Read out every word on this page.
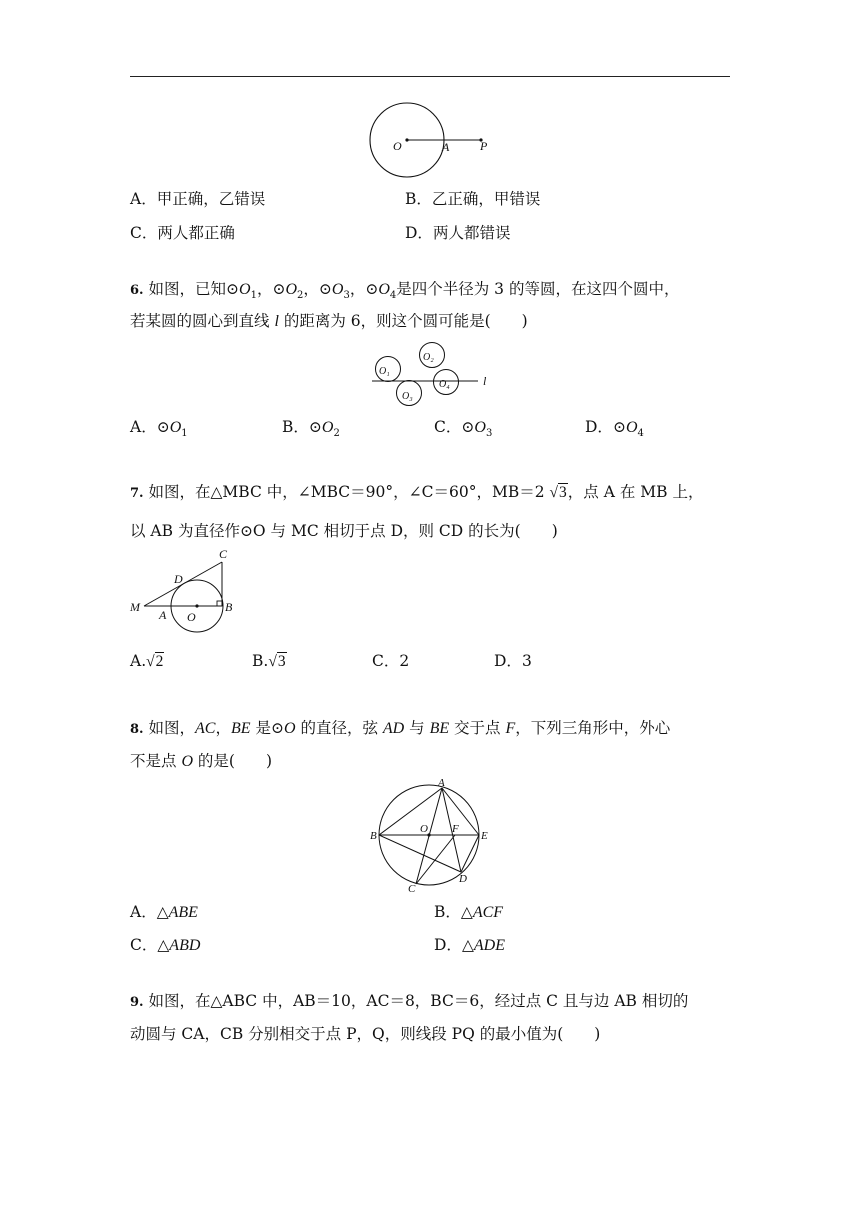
O	A	P
A．甲正确，乙错误	B．乙正确，甲错误
C．两人都正确	D．两人都错误
6. 如图，已知$⊙O_1$，$⊙O_2$，$⊙O_3$，$⊙O_4$是四个半径为 3 的等圆，在这四个圆中，
若某圆的圆心到直线 l 的距离为 6，则这个圆可能是(　　)
O₁
O₂
O₃
O₄	l
A．$⊙O_1$	B．$⊙O_2$	C．$⊙O_3$	D．$⊙O_4$
7. 如图，在△MBC 中，∠MBC＝90°，∠C＝60°，MB＝2 √3，点 A 在 MB 上，
以 AB 为直径作⊙O 与 MC 相切于点 D，则 CD 的长为(　　)
C
D
M
A O
B
A.√2	B.√3	C．2	D．3
8. 如图，AC，BE 是⊙O 的直径，弦 AD 与 BE 交于点 F，下列三角形中，外心
不是点 O 的是(　　)
A
B
O F
E
C
D
A．△ABE	B．△ACF
C．△ABD	D．△ADE
9. 如图，在△ABC 中，AB＝10，AC＝8，BC＝6，经过点 C 且与边 AB 相切的
动圆与 CA，CB 分别相交于点 P，Q，则线段 PQ 的最小值为(　　)
